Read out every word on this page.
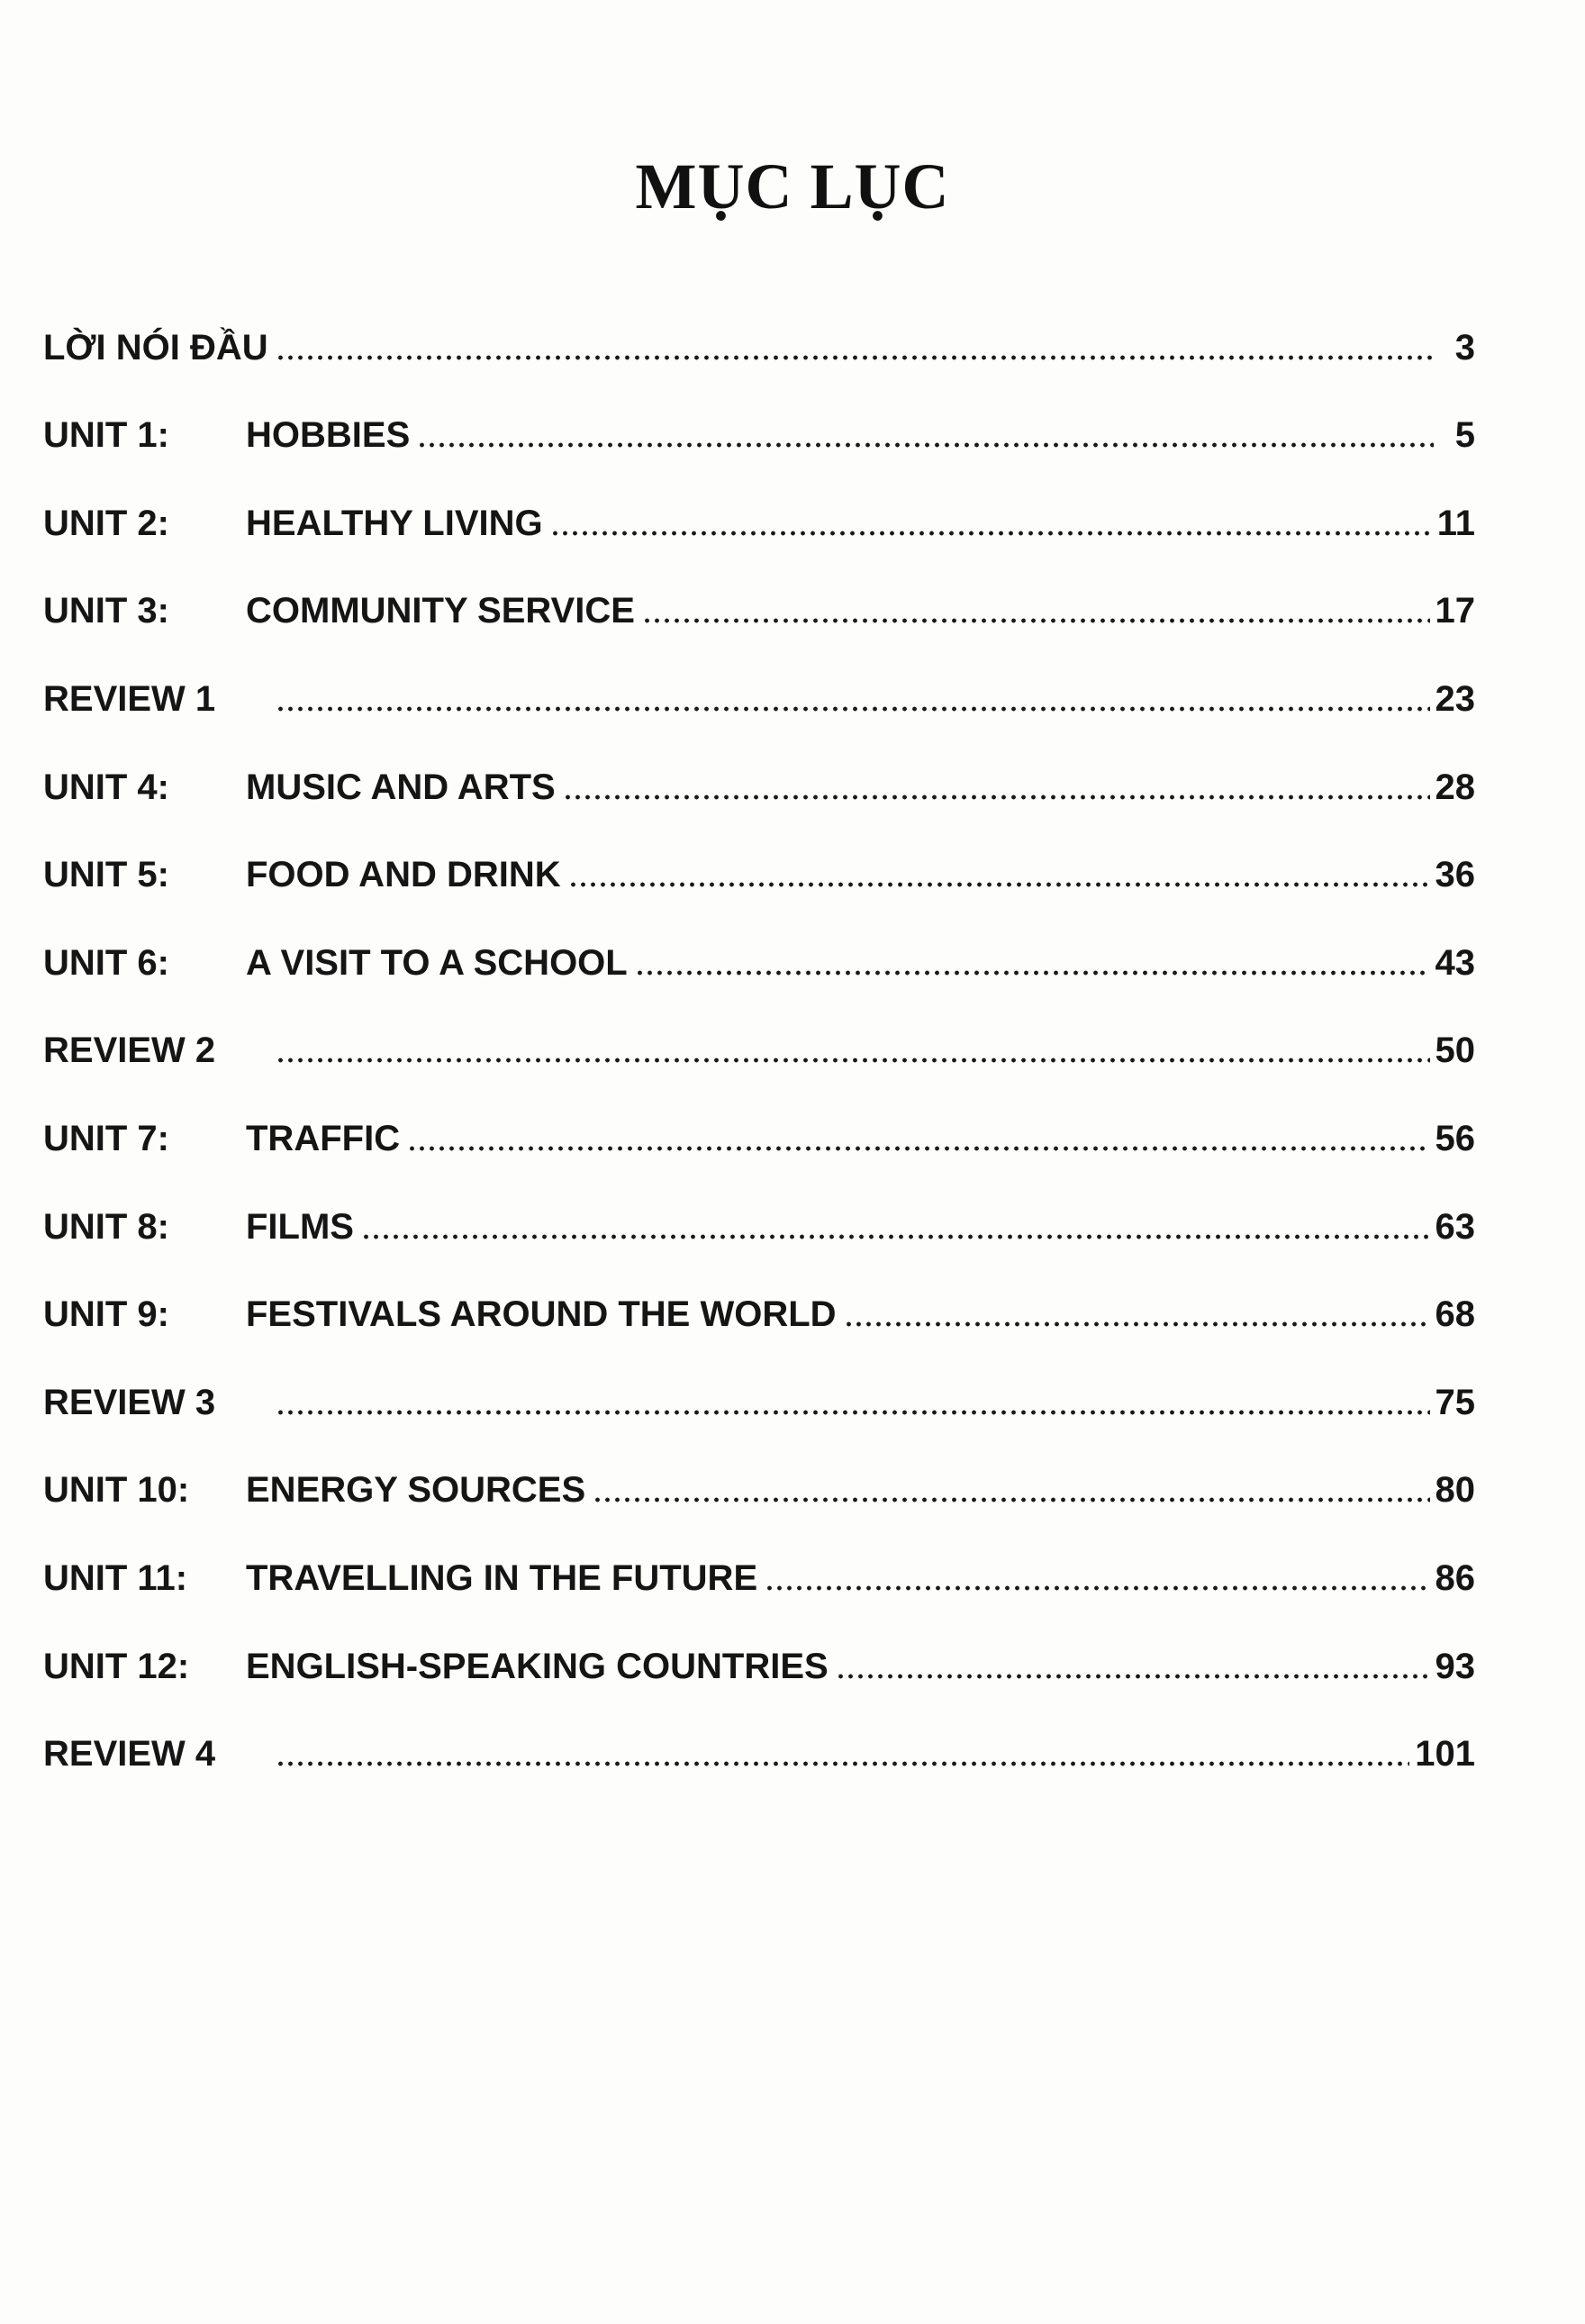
MỤC LỤC
LỜI NÓI ĐẦU	3
UNIT 1:	HOBBIES	5
UNIT 2:	HEALTHY LIVING	11
UNIT 3:	COMMUNITY SERVICE	17
REVIEW 1	23
UNIT 4:	MUSIC AND ARTS	28
UNIT 5:	FOOD AND DRINK	36
UNIT 6:	A VISIT TO A SCHOOL	43
REVIEW 2	50
UNIT 7:	TRAFFIC	56
UNIT 8:	FILMS	63
UNIT 9:	FESTIVALS AROUND THE WORLD	68
REVIEW 3	75
UNIT 10:	ENERGY SOURCES	80
UNIT 11:	TRAVELLING IN THE FUTURE	86
UNIT 12:	ENGLISH-SPEAKING COUNTRIES	93
REVIEW 4	101
